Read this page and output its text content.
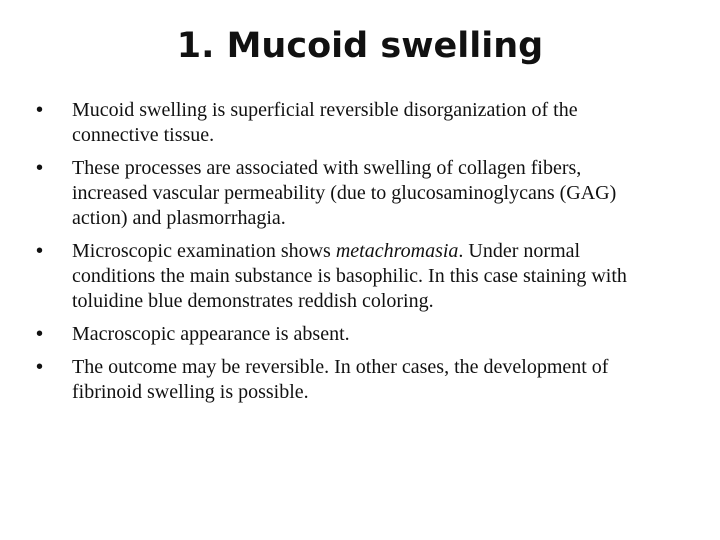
1. Mucoid swelling
•	Mucoid swelling is superficial reversible disorganization of the connective tissue.
•	These processes are associated with swelling of collagen fibers, increased vascular permeability (due to glucosaminoglycans (GAG) action) and plasmorrhagia.
•	Microscopic examination shows metachromasia. Under normal conditions the main substance is basophilic. In this case staining with toluidine blue demonstrates reddish coloring.
•	Macroscopic appearance is absent.
•	The outcome may be reversible. In other cases, the development of fibrinoid swelling is possible.
